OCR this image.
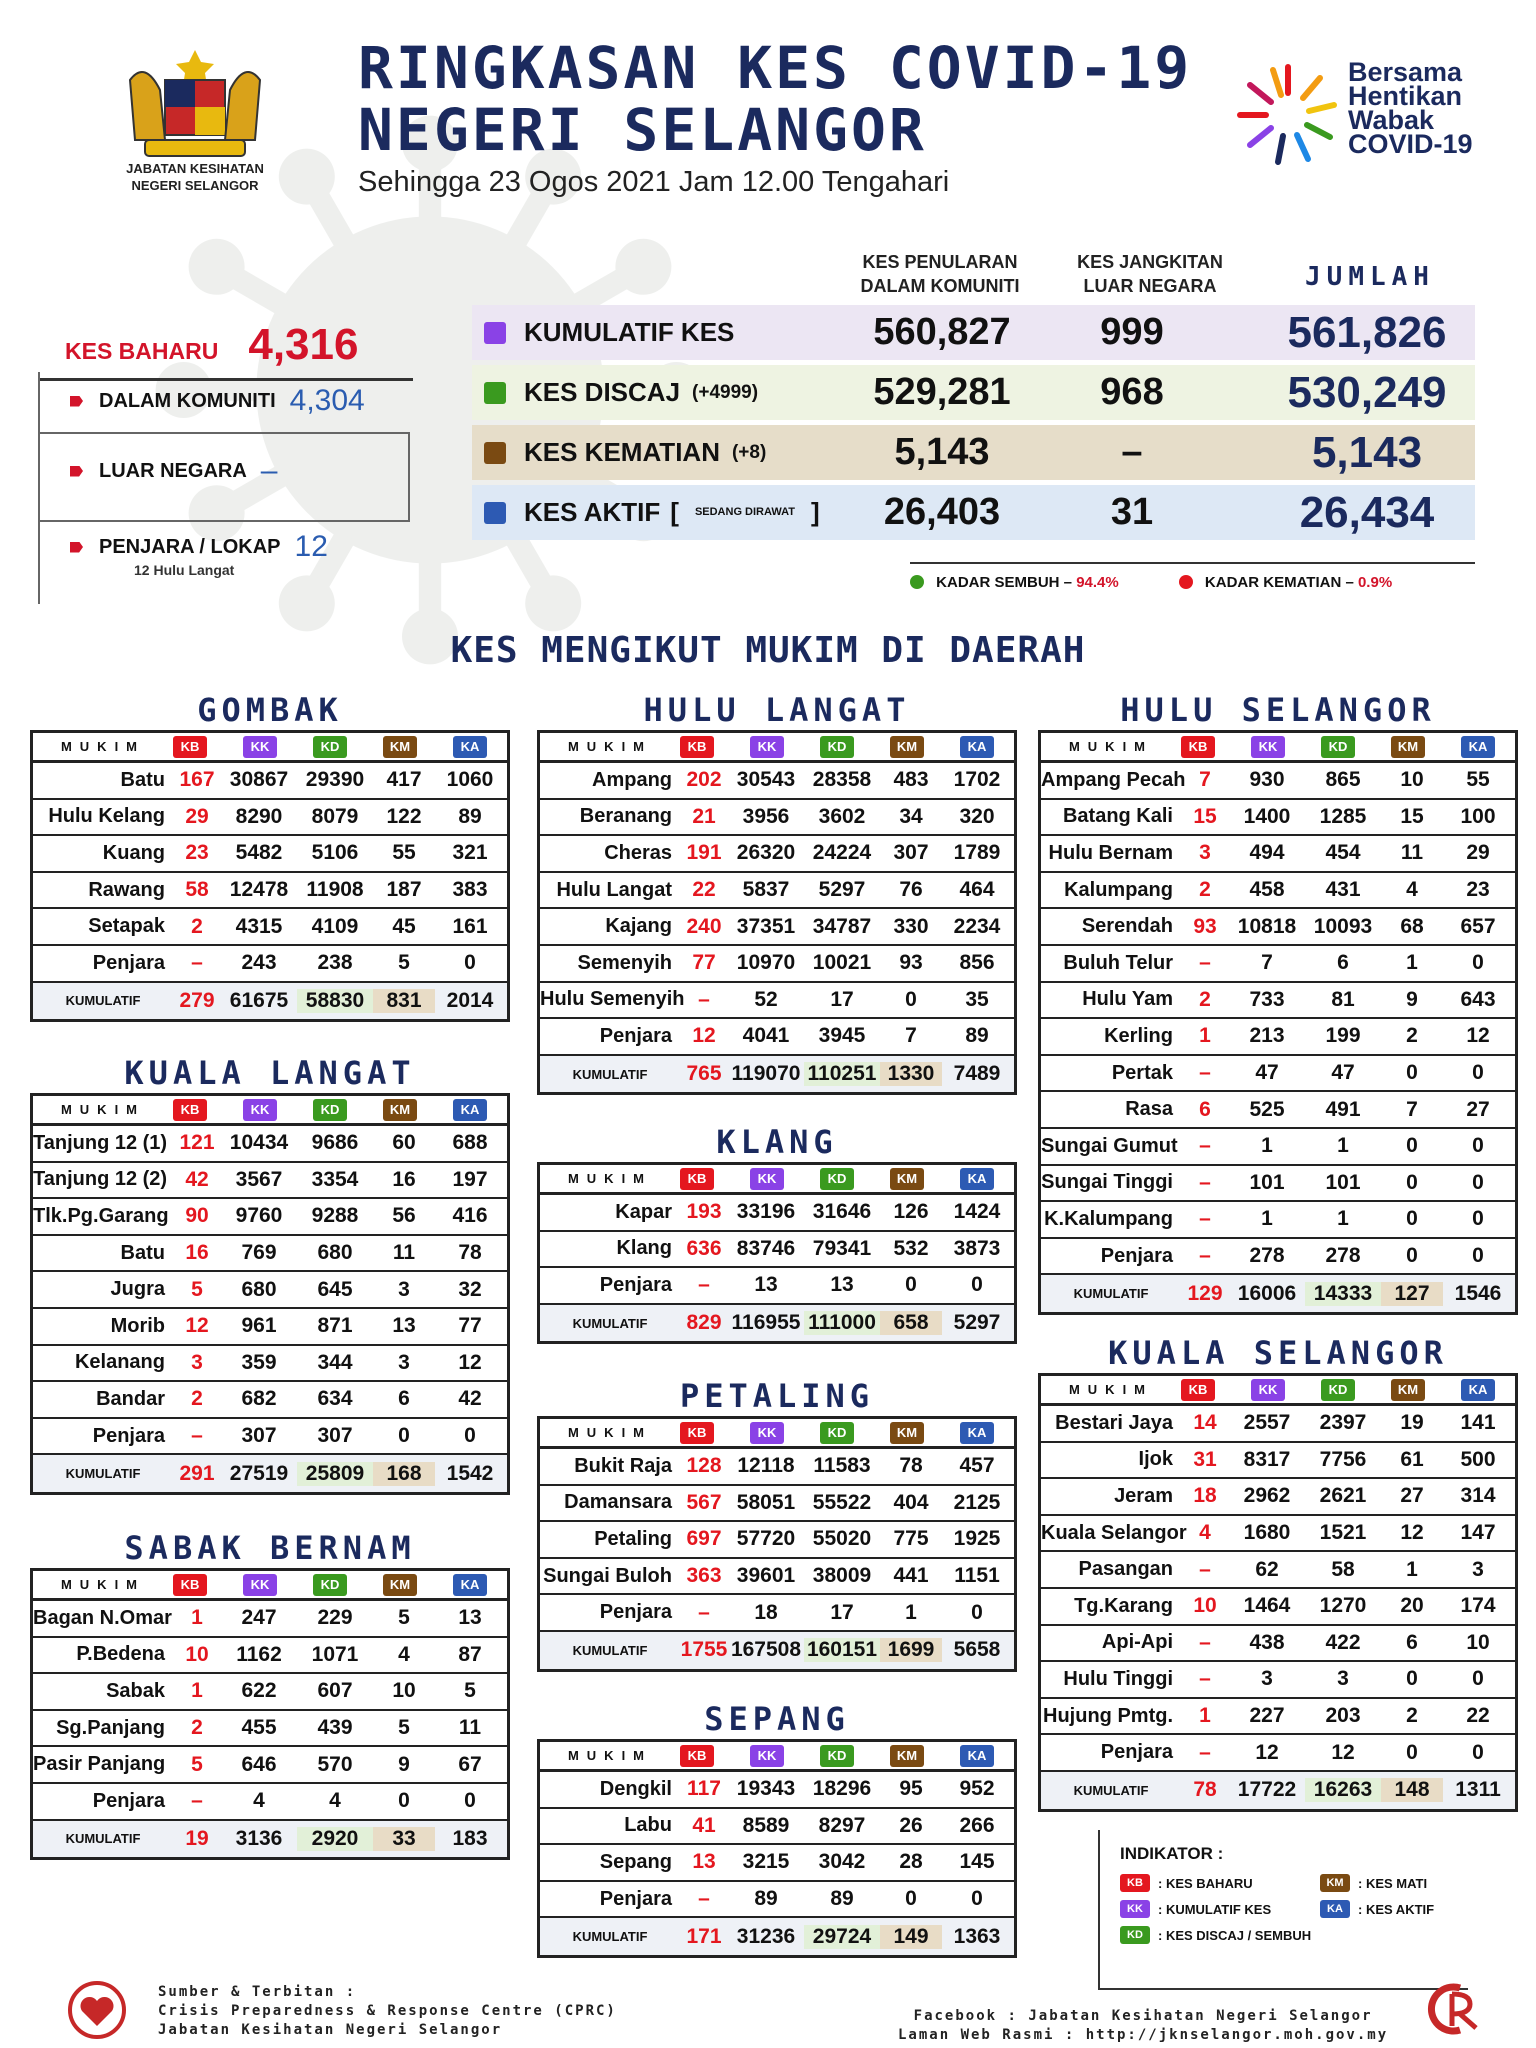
JABATAN KESIHATAN
NEGERI SELANGOR
RINGKASAN KES COVID-19
NEGERI SELANGOR
Sehingga 23 Ogos 2021 Jam 12.00 Tengahari
Bersama
Hentikan
Wabak
COVID-19
KES BAHARU 4,316
DALAM KOMUNITI 4,304
LUAR NEGARA –
PENJARA / LOKAP 12
12 Hulu Langat
KES PENULARAN
DALAM KOMUNITI
KES JANGKITAN
LUAR NEGARA	JUMLAH
KUMULATIF KES	560,827	999	561,826
KES DISCAJ (+4999)	529,281	968	530,249
KES KEMATIAN (+8)	5,143	–	5,143
KES AKTIF [ SEDANG DIRAWAT ]	26,403	31	26,434
KADAR SEMBUH – 94.4%	KADAR KEMATIAN – 0.9%
KES MENGIKUT MUKIM DI DAERAH
GOMBAK
MUKIM	KB	KK	KD	KM	KA
Batu 167 30867 29390	417	1060
Hulu Kelang 29	8290	8079	122	89
Kuang 23	5482	5106	55	321
Rawang 58	12478 11908	187	383
Setapak	2	4315	4109	45	161
Penjara	–	243	238	5	0
KUMULATIF	279 61675 58830	831	2014
KUALA LANGAT
MUKIM	KB	KK	KD	KM	KA
Tanjung 12 (1) 121 10434	9686	60	688
Tanjung 12 (2) 42	3567	3354	16	197
Tlk.Pg.Garang 90	9760	9288	56	416
Batu 16	769	680	11	78
Jugra	5	680	645	3	32
Morib 12	961	871	13	77
Kelanang	3	359	344	3	12
Bandar	2	682	634	6	42
Penjara	–	307	307	0	0
KUMULATIF	291 27519 25809	168	1542
SABAK BERNAM
MUKIM	KB	KK	KD	KM	KA
Bagan N.Omar 1	247	229	5	13
P.Bedena 10	1162	1071	4	87
Sabak	1	622	607	10	5
Sg.Panjang	2	455	439	5	11
Pasir Panjang	5	646	570	9	67
Penjara	–	4	4	0	0
KUMULATIF	19	3136	2920	33	183
HULU LANGAT
MUKIM	KB	KK	KD	KM	KA
Ampang 202 30543 28358	483	1702
Beranang 21	3956	3602	34	320
Cheras 191 26320 24224	307	1789
Hulu Langat 22	5837	5297	76	464
Kajang 240 37351 34787	330	2234
Semenyih 77	10970 10021	93	856
Hulu Semenyih –	52	17	0	35
Penjara 12	4041	3945	7	89
KUMULATIF	765 119070 110251 1330 7489
KLANG
MUKIM	KB	KK	KD	KM	KA
Kapar 193 33196 31646	126	1424
Klang 636 83746 79341	532	3873
Penjara	–	13	13	0	0
KUMULATIF	829 116955 111000 658	5297
PETALING
MUKIM	KB	KK	KD	KM	KA
Bukit Raja 128 12118 11583	78	457
Damansara 567 58051 55522	404	2125
Petaling 697 57720 55020	775	1925
Sungai Buloh 363 39601 38009	441	1151
Penjara	–	18	17	1	0
KUMULATIF	1755 167508 160151 1699 5658
SEPANG
MUKIM	KB	KK	KD	KM	KA
Dengkil 117 19343 18296	95	952
Labu 41	8589	8297	26	266
Sepang 13	3215	3042	28	145
Penjara	–	89	89	0	0
KUMULATIF	171 31236 29724	149	1363
HULU SELANGOR
MUKIM	KB	KK	KD	KM	KA
Ampang Pecah 7	930	865	10	55
Batang Kali 15	1400	1285	15	100
Hulu Bernam	3	494	454	11	29
Kalumpang	2	458	431	4	23
Serendah 93	10818 10093	68	657
Buluh Telur	–	7	6	1	0
Hulu Yam	2	733	81	9	643
Kerling	1	213	199	2	12
Pertak	–	47	47	0	0
Rasa	6	525	491	7	27
Sungai Gumut	–	1	1	0	0
Sungai Tinggi	–	101	101	0	0
K.Kalumpang	–	1	1	0	0
Penjara	–	278	278	0	0
KUMULATIF	129 16006 14333	127	1546
KUALA SELANGOR
MUKIM	KB	KK	KD	KM	KA
Bestari Jaya 14	2557	2397	19	141
Ijok 31	8317	7756	61	500
Jeram 18	2962	2621	27	314
Kuala Selangor 4	1680	1521	12	147
Pasangan	–	62	58	1	3
Tg.Karang 10	1464	1270	20	174
Api-Api	–	438	422	6	10
Hulu Tinggi	–	3	3	0	0
Hujung Pmtg.	1	227	203	2	22
Penjara	–	12	12	0	0
KUMULATIF	78	17722 16263	148	1311
INDIKATOR :
KB	: KES BAHARU	KM	: KES MATI
KK	: KUMULATIF KES	KA	: KES AKTIF
KD	: KES DISCAJ / SEMBUH
Sumber & Terbitan :
Crisis Preparedness & Response Centre (CPRC)
Jabatan Kesihatan Negeri Selangor
Facebook : Jabatan Kesihatan Negeri Selangor
Laman Web Rasmi : http://jknselangor.moh.gov.my
